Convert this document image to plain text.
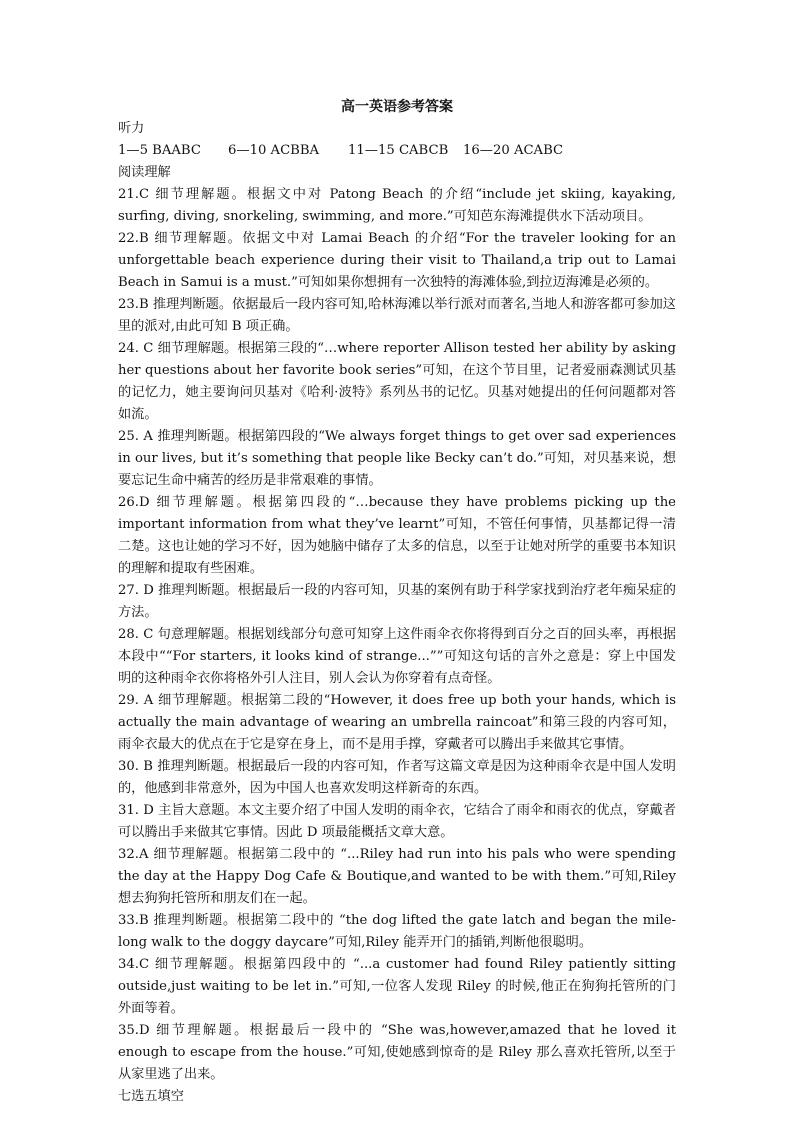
高一英语参考答案

听力

1—5 BAABC 6—10 ACBBA 11—15 CABCB 16—20 ACABC

阅读理解

21.C 细节理解题。根据文中对 Patong Beach 的介绍“include jet skiing, kayaking, surfing, diving, snorkeling, swimming, and more.”可知芭东海滩提供水下活动项目。

22.B 细节理解题。依据文中对 Lamai Beach 的介绍“For the traveler looking for an unforgettable beach experience during their visit to Thailand,a trip out to Lamai Beach in Samui is a must.”可知如果你想拥有一次独特的海滩体验,到拉迈海滩是必须的。

23.B 推理判断题。依据最后一段内容可知,哈林海滩以举行派对而著名,当地人和游客都可参加这里的派对,由此可知 B 项正确。

24. C 细节理解题。根据第三段的“…where reporter Allison tested her ability by asking her questions about her favorite book series”可知，在这个节目里，记者爱丽森测试贝基的记忆力，她主要询问贝基对《哈利·波特》系列丛书的记忆。贝基对她提出的任何问题都对答如流。

25. A 推理判断题。根据第四段的“We always forget things to get over sad experiences in our lives, but it’s something that people like Becky can’t do.”可知，对贝基来说，想要忘记生命中痛苦的经历是非常艰难的事情。

26.D 细节理解题。根据第四段的“…because they have problems picking up the important information from what they’ve learnt”可知，不管任何事情，贝基都记得一清二楚。这也让她的学习不好，因为她脑中储存了太多的信息，以至于让她对所学的重要书本知识的理解和提取有些困难。

27. D 推理判断题。根据最后一段的内容可知，贝基的案例有助于科学家找到治疗老年痴呆症的方法。

28. C 句意理解题。根据划线部分句意可知穿上这件雨伞衣你将得到百分之百的回头率，再根据本段中““For starters, it looks kind of strange...””可知这句话的言外之意是：穿上中国发明的这种雨伞衣你将格外引人注目，别人会认为你穿着有点奇怪。

29. A 细节理解题。根据第二段的“However, it does free up both your hands, which is actually the main advantage of wearing an umbrella raincoat”和第三段的内容可知，雨伞衣最大的优点在于它是穿在身上，而不是用手撑，穿戴者可以腾出手来做其它事情。

30. B 推理判断题。根据最后一段的内容可知，作者写这篇文章是因为这种雨伞衣是中国人发明的，他感到非常意外，因为中国人也喜欢发明这样新奇的东西。

31. D 主旨大意题。本文主要介绍了中国人发明的雨伞衣，它结合了雨伞和雨衣的优点，穿戴者可以腾出手来做其它事情。因此 D 项最能概括文章大意。

32.A 细节理解题。根据第二段中的 “...Riley had run into his pals who were spending the day at the Happy Dog Cafe & Boutique,and wanted to be with them.”可知,Riley 想去狗狗托管所和朋友们在一起。

33.B 推理判断题。根据第二段中的 “the dog lifted the gate latch and began the mile-long walk to the doggy daycare”可知,Riley 能弄开门的插销,判断他很聪明。

34.C 细节理解题。根据第四段中的 “...a customer had found Riley patiently sitting outside,just waiting to be let in.”可知,一位客人发现 Riley 的时候,他正在狗狗托管所的门外面等着。

35.D 细节理解题。根据最后一段中的 “She was,however,amazed that he loved it enough to escape from the house.”可知,使她感到惊奇的是 Riley 那么喜欢托管所,以至于从家里逃了出来。

七选五填空
